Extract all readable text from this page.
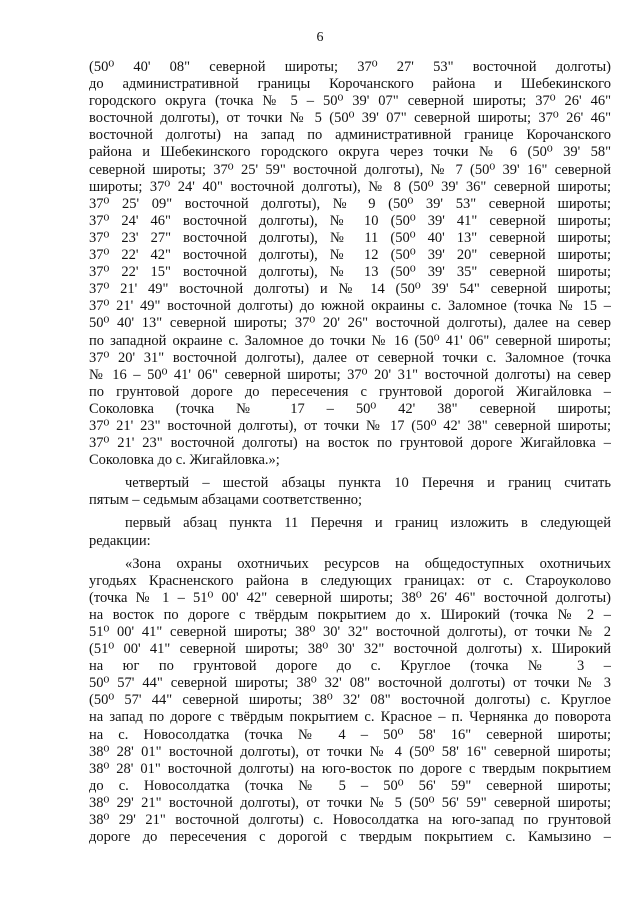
6
(50⁰ 40' 08" северной широты; 37⁰ 27' 53" восточной долготы)
до административной границы Корочанского района и Шебекинского
городского округа (точка № 5 – 50⁰ 39' 07" северной широты; 37⁰ 26' 46"
восточной долготы), от точки № 5 (50⁰ 39' 07" северной широты; 37⁰ 26' 46"
восточной долготы) на запад по административной границе Корочанского
района и Шебекинского городского округа через точки № 6 (50⁰ 39' 58"
северной широты; 37⁰ 25' 59" восточной долготы), № 7 (50⁰ 39' 16" северной
широты; 37⁰ 24' 40" восточной долготы), № 8 (50⁰ 39' 36" северной широты;
37⁰ 25' 09" восточной долготы), № 9 (50⁰ 39' 53" северной широты;
37⁰ 24' 46" восточной долготы), № 10 (50⁰ 39' 41" северной широты;
37⁰ 23' 27" восточной долготы), № 11 (50⁰ 40' 13" северной широты;
37⁰ 22' 42" восточной долготы), № 12 (50⁰ 39' 20" северной широты;
37⁰ 22' 15" восточной долготы), № 13 (50⁰ 39' 35" северной широты;
37⁰ 21' 49" восточной долготы) и № 14 (50⁰ 39' 54" северной широты;
37⁰ 21' 49" восточной долготы) до южной окраины с. Заломное (точка № 15 –
50⁰ 40' 13" северной широты; 37⁰ 20' 26" восточной долготы), далее на север
по западной окраине с. Заломное до точки № 16 (50⁰ 41' 06" северной широты;
37⁰ 20' 31" восточной долготы), далее от северной точки с. Заломное (точка
№ 16 – 50⁰ 41' 06" северной широты; 37⁰ 20' 31" восточной долготы) на север
по грунтовой дороге до пересечения с грунтовой дорогой Жигайловка –
Соколовка (точка № 17 – 50⁰ 42' 38" северной широты;
37⁰ 21' 23" восточной долготы), от точки № 17 (50⁰ 42' 38" северной широты;
37⁰ 21' 23" восточной долготы) на восток по грунтовой дороге Жигайловка –
Соколовка до с. Жигайловка.»;
четвертый – шестой абзацы пункта 10 Перечня и границ считать
пятым – седьмым абзацами соответственно;
первый абзац пункта 11 Перечня и границ изложить в следующей
редакции:
«Зона охраны охотничьих ресурсов на общедоступных охотничьих
угодьях Красненского района в следующих границах: от с. Староуколово
(точка № 1 – 51⁰ 00' 42" северной широты; 38⁰ 26' 46" восточной долготы)
на восток по дороге с твёрдым покрытием до х. Широкий (точка № 2 –
51⁰ 00' 41" северной широты; 38⁰ 30' 32" восточной долготы), от точки № 2
(51⁰ 00' 41" северной широты; 38⁰ 30' 32" восточной долготы) х. Широкий
на юг по грунтовой дороге до с. Круглое (точка № 3 –
50⁰ 57' 44" северной широты; 38⁰ 32' 08" восточной долготы) от точки № 3
(50⁰ 57' 44" северной широты; 38⁰ 32' 08" восточной долготы) с. Круглое
на запад по дороге с твёрдым покрытием с. Красное – п. Чернянка до поворота
на с. Новосолдатка (точка № 4 – 50⁰ 58' 16" северной широты;
38⁰ 28' 01" восточной долготы), от точки № 4 (50⁰ 58' 16" северной широты;
38⁰ 28' 01" восточной долготы) на юго-восток по дороге с твердым покрытием
до с. Новосолдатка (точка № 5 – 50⁰ 56' 59" северной широты;
38⁰ 29' 21" восточной долготы), от точки № 5 (50⁰ 56' 59" северной широты;
38⁰ 29' 21" восточной долготы) с. Новосолдатка на юго-запад по грунтовой
дороге до пересечения с дорогой с твердым покрытием с. Камызино –
